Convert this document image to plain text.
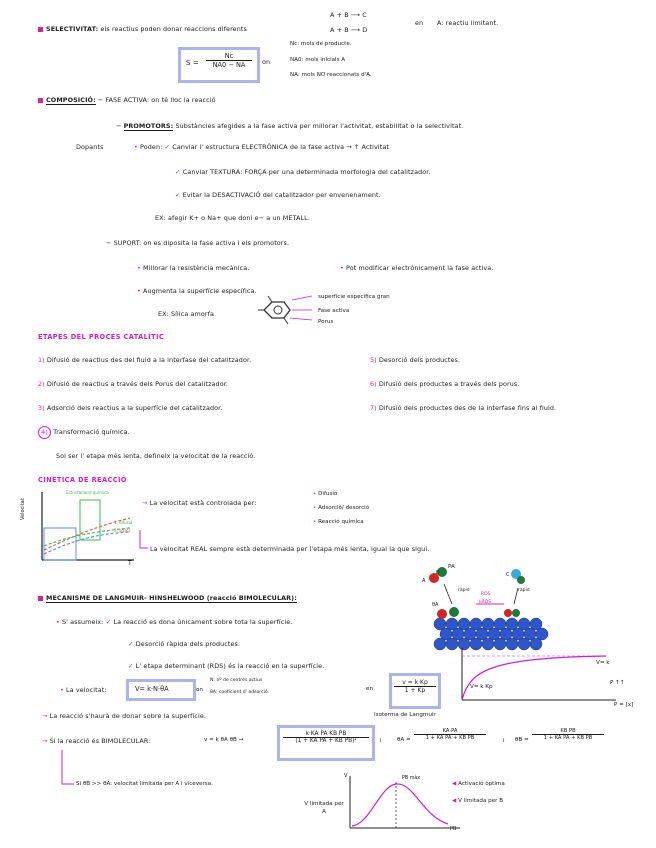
SELECTIVITAT: els reactius poden donar reaccions diferents
A + B ⟶ C
A + B ⟶ D
en A: reactiu limitant.
$S = \frac{Nc}{NA0 - NA}$ on
Nc: mols de producte.
NA0: mols inicials A
NA: mols NO reaccionats d'A.
COMPOSICIÓ: − FASE ACTIVA: on té lloc la reacció
− PROMOTORS: Substàncies afegides a la fase activa per millorar l'activitat, estabilitat o la selectivitat.
Dopants	• Poden: ✓ Canviar l' estructura ELECTRÒNICA de la fase activa → ↑ Activitat
✓ Canviar TEXTURA: FORÇA per una determinada morfologia del catalitzador.
✓ Evitar la DESACTIVACIÓ del catalitzador per envenenament.
EX: afegir K+ o Na+ que doni e− a un METALL.
− SUPORT: on es diposita la fase activa i els promotors.
• Millorar la resistència mecànica.	• Pot modificar electrònicament la fase activa.
• Augmenta la superfície específica.
EX: Sílica amorfa
superfície específica gran
Fase activa
Porus
ETAPES DEL PROCÉS CATALÍTIC
1) Difusió de reactius des del fluid a la interfase del catalitzador.
2) Difusió de reactius a través dels Porus del catalitzador.
3) Adsorció dels reactius a la superfície del catalitzador.
4) Transformació química.
5) Desorció dels productes.
6) Difusió dels productes a través dels porus.
7) Difusió dels productes des de la interfase fins al fluid.
Sol ser l' etapa més lenta, defineix la velocitat de la reacció.
CINÈTICA DE REACCIÓ
Estrictament química
1. difusió
2. adsor.
Velocitat
T
→ La velocitat està controlada per:
• Difusió
• Adsorció/ desorció
• Reacció química
La velocitat REAL sempre està determinada per l'etapa més lenta, igual la que sigui.
MECANISME DE LANGMUIR- HINSHELWOOD (reacció BIMOLECULAR):
PA
A
B	C
ràpid	ràpid
RDS
kRDS
θA
V= k
V= k Kp
P ↑↑
P = [x]
• S' assumeix: ✓ La reacció es dona únicament sobre tota la superfície.
✓ Desorció ràpida dels productes.
✓ L' etapa determinant (RDS) és la reacció en la superfície.
• La velocitat:	V= k·N·θA	on
N: nº de centres actius
θA: coeficient d' adsorció.
en	$\frac{v = k\cdot Kp}{1 + Kp}$
→ La reacció s'haurà de donar sobre la superfície.	Isoterma de Langmuir
→ Si la reacció és BIMOLECULAR:	v = k θA θB →	$\frac{\text{k·KA PA KB PB}}{\text{(1 + KA PA + KB PB)²}}$ i	$\theta A = \frac{KA\cdot PA}{\text{1 + KA PA + KB PB}}$	i $\theta B = \frac{\text{KB PB}}{\text{1 + KA PA + KB PB}}$
Si θB >> θA: velocitat limitada per A i viceversa.
V
PB
PB màx
◀ Activació òptima
◀ V limitada per B
V limitada per A
